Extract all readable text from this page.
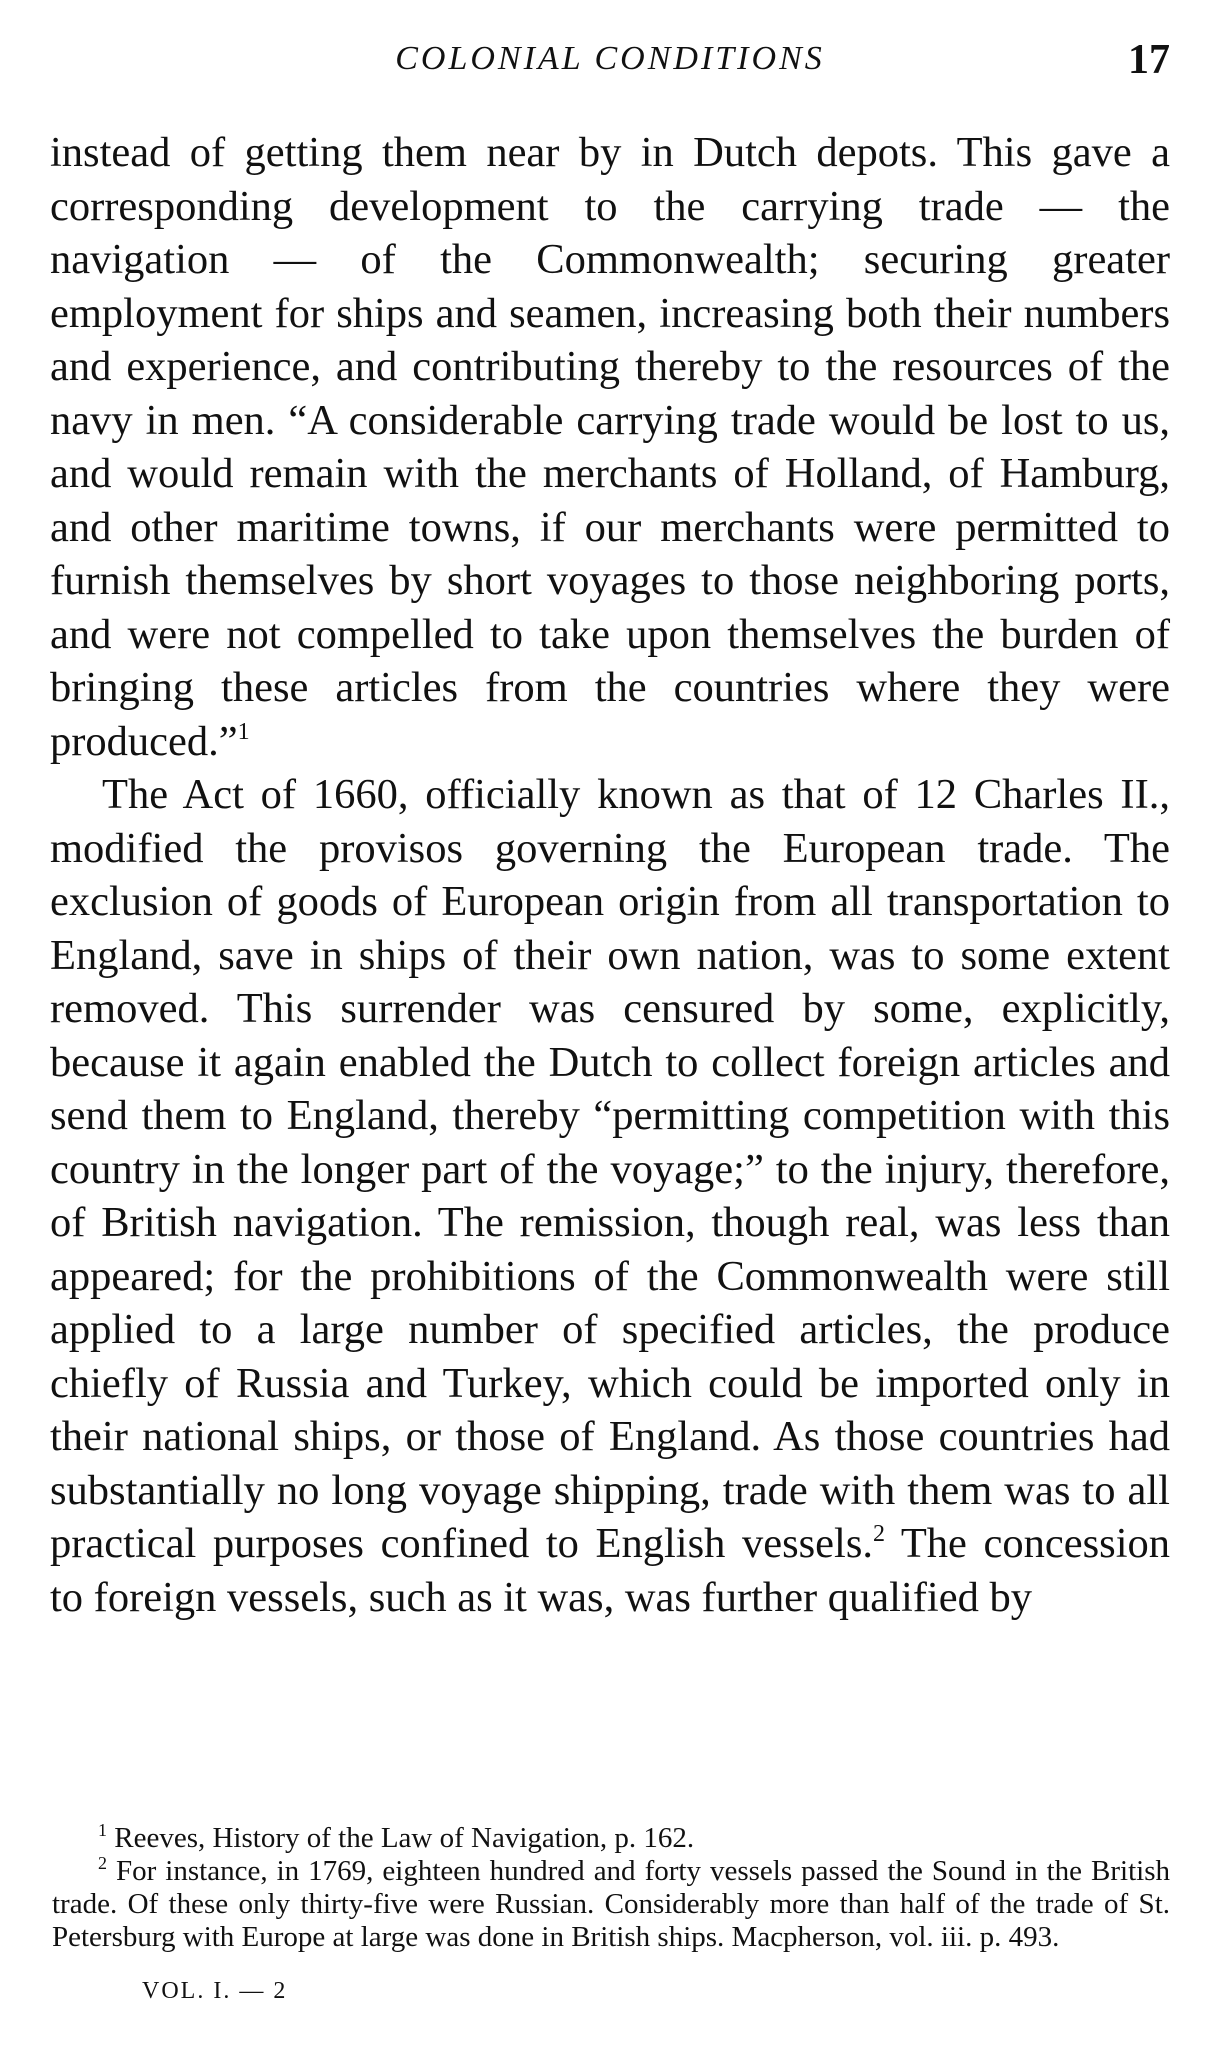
COLONIAL CONDITIONS	17

instead of getting them near by in Dutch depots. This gave a corresponding development to the carrying trade — the navigation — of the Commonwealth; securing greater employment for ships and seamen, increasing both their numbers and experience, and contributing thereby to the resources of the navy in men. “A considerable carrying trade would be lost to us, and would remain with the merchants of Holland, of Hamburg, and other maritime towns, if our merchants were permitted to furnish themselves by short voyages to those neighboring ports, and were not compelled to take upon themselves the burden of bringing these articles from the countries where they were produced.”$^1$

The Act of 1660, officially known as that of 12 Charles II., modified the provisos governing the European trade. The exclusion of goods of European origin from all transportation to England, save in ships of their own nation, was to some extent removed. This surrender was censured by some, explicitly, because it again enabled the Dutch to collect foreign articles and send them to England, thereby “permitting competition with this country in the longer part of the voyage;” to the injury, therefore, of British navigation. The remission, though real, was less than appeared; for the prohibitions of the Commonwealth were still applied to a large number of specified articles, the produce chiefly of Russia and Turkey, which could be imported only in their national ships, or those of England. As those countries had substantially no long voyage shipping, trade with them was to all practical purposes confined to English vessels.$^2$ The concession to foreign vessels, such as it was, was further qualified by

$^1$ Reeves, History of the Law of Navigation, p. 162.

$^2$ For instance, in 1769, eighteen hundred and forty vessels passed the Sound in the British trade. Of these only thirty-five were Russian. Considerably more than half of the trade of St. Petersburg with Europe at large was done in British ships. Macpherson, vol. iii. p. 493.

VOL. I. — 2
